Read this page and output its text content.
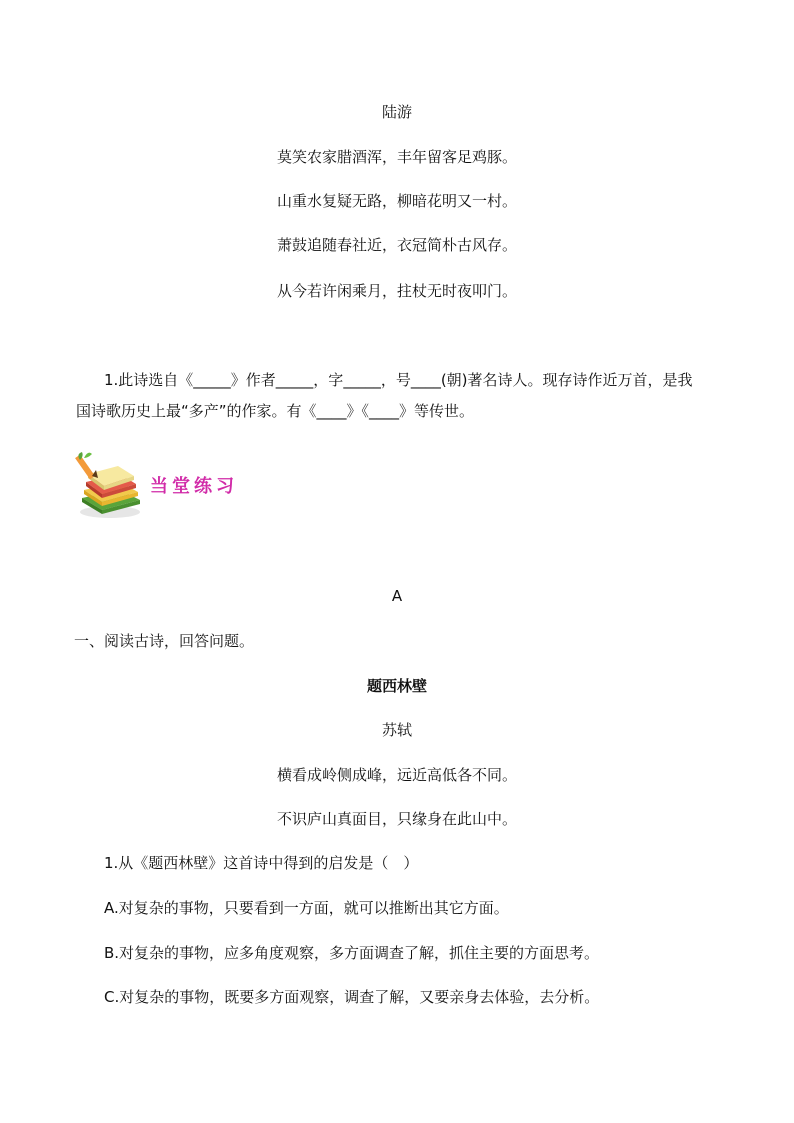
陆游
莫笑农家腊酒浑，丰年留客足鸡豚。
山重水复疑无路，柳暗花明又一村。
萧鼓追随春社近，衣冠简朴古风存。
从今若许闲乘月，拄杖无时夜叩门。
1.此诗选自《_____》作者_____，字_____，号____(朝)著名诗人。现存诗作近万首，是我
国诗歌历史上最“多产”的作家。有《____》《____》等传世。
当堂练习
A
一、阅读古诗，回答问题。
题西林壁
苏轼
横看成岭侧成峰，远近高低各不同。
不识庐山真面目，只缘身在此山中。
1.从《题西林壁》这首诗中得到的启发是（　）
A.对复杂的事物，只要看到一方面，就可以推断出其它方面。
B.对复杂的事物，应多角度观察，多方面调查了解，抓住主要的方面思考。
C.对复杂的事物，既要多方面观察，调查了解，又要亲身去体验，去分析。
